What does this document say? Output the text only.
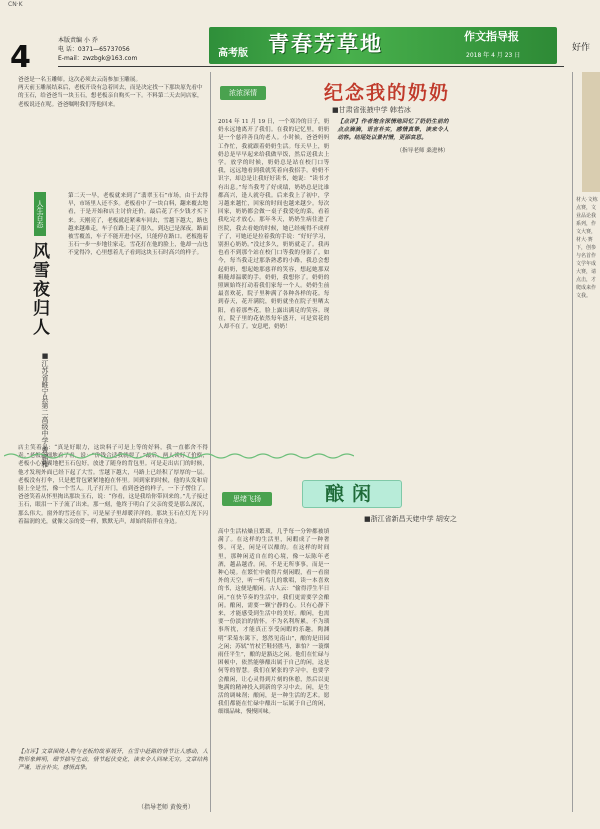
CN·K
4	本版责编 小 乔
电 话：0371—65737056
E-mail：zwzbgk@163.com	高考版 青春芳草地	作文指导报
2018 年 4 月 23 日
好作
爸爸是一名玉雕师。这次必须去云南参加玉雕展。
两天前玉雕展结束后，老板开设有急着回去，而是决定找一下那块原先看中的玉石，给爸爸当一块玉石，想老板亲自购买一下。不料第二天去问店家，老板说还在呢。爸爸嘱咐我们等他回来。
人生百态
风雪夜归人
■江苏省睢宁县第二高级中学 曹鹏雅
第二天一早，老板就来到了“翡翠玉石”市场，由于去得早，市场里人还不多。老板看中了一块白料，翻来覆去地看，于是开始和店主讨价还价，最后花了不少钱才买下来。天刚亮了，老板就赶紧乘车回去，雪越下越大，路也越来越难走，车子在路上走了很久，到达已是深夜。路面被雪覆盖，车子不能开进小区，只能停在路口。老板抱着玉石一步一步地往家走，雪花打在他的脸上，他却一点也不觉得冷，心里想着儿子看到这块玉石时高兴的样子。
店主笑着说：“真是好眼力，这块料子可是上等的好料，我一直都舍不得卖。”老板仔细地看了看，说：“价钱合适我就要了。”最后，两人谈好了价格，老板小心翼翼地把玉石包好，放进了随身的背包里。可是走出店门的时候，他才发现外面已经下起了大雪。雪越下越大，马路上已经积了厚厚的一层。老板没有打伞，只是把背包紧紧地抱在怀里。回到家的时候，他的头发和肩膀上全是雪，像一个雪人。儿子打开门，看到爸爸的样子，一下子愣住了。爸爸笑着从怀里掏出那块玉石，说：“你看，这是我给你带回来的。”儿子接过玉石，眼泪一下子流了出来。那一刻，他终于明白了父亲的爱是那么深沉，那么伟大。窗外的雪还在下，可是屋子里却暖洋洋的。那块玉石在灯光下闪着温润的光，就像父亲的爱一样，默默无声，却始终陪伴在身边。
【点评】文章围绕人物与老板的故事展开，在雪中赶路的情节让人感动，人物形象鲜明，细节描写生动，情节起伏变化，读来令人回味无穷。文章结构严谨，语言朴实，感情真挚。
（指导老师 黄俊勇）
浓浓深情	纪念我的奶奶
■甘肃省张掖中学 韩若冰
2014 年 11 月 19 日，一个寒冷的日子，奶奶永远地离开了我们。在我的记忆里，奶奶是一个慈祥善良的老人。小时候，爸爸妈妈工作忙，我就跟着奶奶生活。每天早上，奶奶总是早早起来给我做早饭，然后送我去上学。放学的时候，奶奶总是站在校门口等我，远远地看到我就笑着向我招手。奶奶不识字，却总是让我好好读书，她说：“读书才有出息。”每当我考了好成绩，奶奶总是比谁都高兴，逢人就夸我。后来我上了初中，学习越来越忙，回家的时间也越来越少。每次回家，奶奶都会做一桌子我爱吃的菜，看着我吃完才放心。那年冬天，奶奶生病住进了医院，我去看她的时候，她已经瘦得不成样子了，可她还是拉着我的手说：“好好学习，别担心奶奶。”没过多久，奶奶就走了。我再也看不到那个站在校门口等我的身影了。如今，每当我走过那条熟悉的小路，我总会想起奶奶，想起她那慈祥的笑容，想起她那双粗糙却温暖的手。奶奶，我想你了。奶奶的照顾始终打动着我们家每一个人。奶奶生前最喜欢花，院子里种满了各种各样的花。每到春天，花开满院，奶奶就坐在院子里晒太阳，看着那些花，脸上露出满足的笑容。现在，院子里的花依然每年盛开，可是赏花的人却不在了。安息吧，奶奶！
【点评】作者饱含深情地回忆了奶奶生前的点点滴滴，语言朴实，感情真挚，读来令人动容。结尾处以景衬情，更添哀思。
（指导老师 桑进林）
思绪飞扬	酿闲
■浙江省新昌天姥中学 胡安之
高中生活枯燥且繁琐，几乎每一分钟都被填满了。在这样的生活里，闲暇成了一种奢侈。可是，闲是可以酿的。在这样的时间里，那种闲适自在的心境，像一坛陈年老酒，越品越香。闲，不是无所事事，而是一种心境。在繁忙中偷得片刻闲暇，看一看窗外的天空，听一听鸟儿的歌唱，读一本喜欢的书，这便是酿闲。古人云：“偷得浮生半日闲。”在快节奏的生活中，我们更需要学会酿闲。酿闲，需要一颗宁静的心。只有心静下来，才能感受到生活中的美好。酿闲，也需要一份淡泊的情怀。不为名利所累，不为琐事所扰，才能真正享受闲暇的乐趣。陶渊明“采菊东篱下，悠然见南山”，酿的是田园之闲；苏轼“竹杖芒鞋轻胜马，谁怕？一蓑烟雨任平生”，酿的是豁达之闲。他们在忙碌与困顿中，依然能够酿出属于自己的闲，这是何等的智慧。我们在紧张的学习中，也要学会酿闲，让心灵得到片刻的休憩，然后以更饱满的精神投入到新的学习中去。闲，是生活的调味剂；酿闲，是一种生活的艺术。愿我们都能在忙碌中酿出一坛属于自己的闲，细细品味，慢慢回味。
材大·文练点赛，文业品论我系列，作文大赛，材大·赛下，创参与名首作文学年成大赛，请点击，才爬成来作文我。
